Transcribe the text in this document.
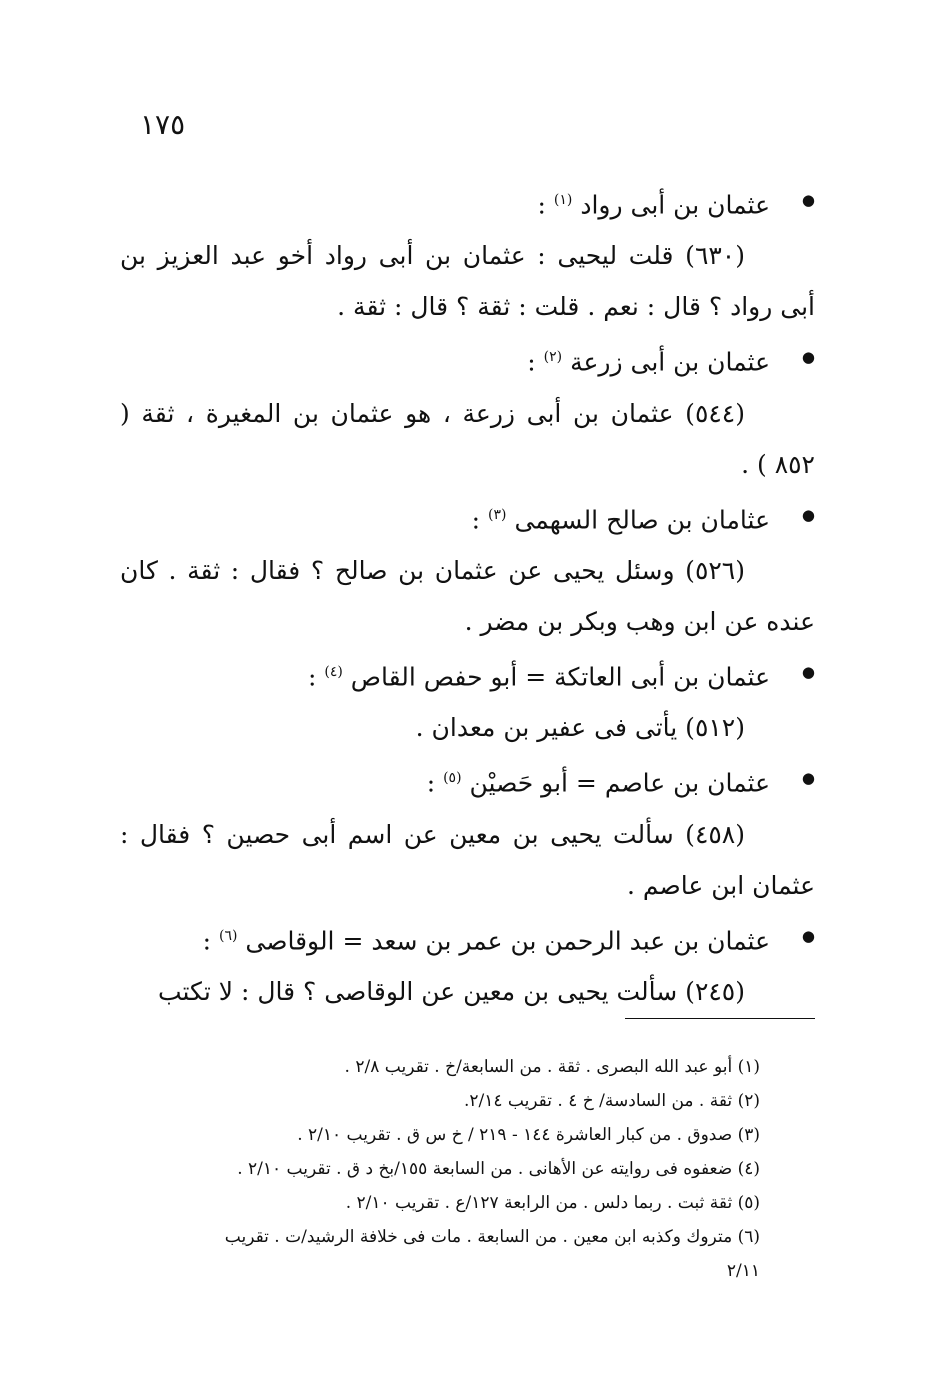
١٧٥
● عثمان بن أبى رواد $^{(١)}$ :
(٦٣٠) قلت ليحيى : عثمان بن أبى رواد أخو عبد العزيز بن أبى رواد ؟ قال : نعم . قلت : ثقة ؟ قال : ثقة .
● عثمان بن أبى زرعة $^{(٢)}$ :
(٥٤٤) عثمان بن أبى زرعة ، هو عثمان بن المغيرة ، ثقة ( ٨٥٢ ) .
● عثامان بن صالح السهمى $^{(٣)}$ :
(٥٢٦) وسئل يحيى عن عثمان بن صالح ؟ فقال : ثقة . كان عنده عن ابن وهب وبكر بن مضر .
● عثمان بن أبى العاتكة = أبو حفص القاص $^{(٤)}$ :
(٥١٢) يأتى فى عفير بن معدان .
● عثمان بن عاصم = أبو حَصيْن $^{(٥)}$ :
(٤٥٨) سألت يحيى بن معين عن اسم أبى حصين ؟ فقال : عثمان ابن عاصم .
● عثمان بن عبد الرحمن بن عمر بن سعد = الوقاصى $^{(٦)}$ :
(٢٤٥) سألت يحيى بن معين عن الوقاصى ؟ قال : لا تكتب
(١) أبو عبد الله البصرى . ثقة . من السابعة/خ . تقريب ٢/٨ .
(٢) ثقة . من السادسة/ خ ٤ . تقريب ٢/١٤.
(٣) صدوق . من كبار العاشرة ١٤٤ - ٢١٩ / خ س ق . تقريب ٢/١٠ .
(٤) ضعفوه فى روايته عن الأهانى . من السابعة ١٥٥/بخ د ق . تقريب ٢/١٠ .
(٥) ثقة ثبت . ربما دلس . من الرابعة ١٢٧/ع . تقريب ٢/١٠ .
(٦) متروك وكذبه ابن معين . من السابعة . مات فى خلافة الرشيد/ت . تقريب
٢/١١
